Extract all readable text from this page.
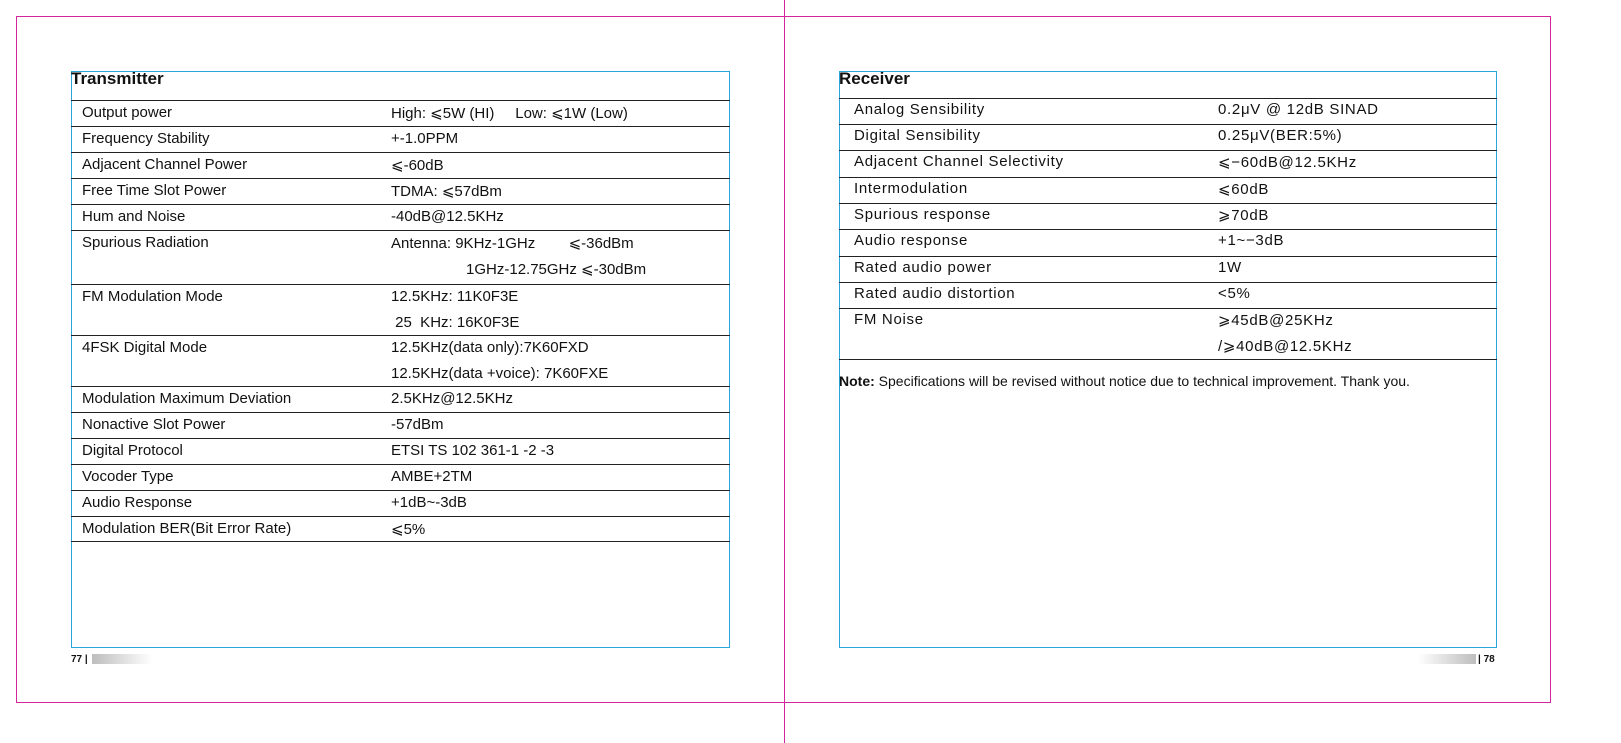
Transmitter
Output power	High: ⩽5W (HI)     Low: ⩽1W (Low)
Frequency Stability	+-1.0PPM
Adjacent Channel Power	⩽-60dB
Free Time Slot Power	TDMA: ⩽57dBm
Hum and Noise	-40dB@12.5KHz
Spurious Radiation	Antenna: 9KHz-1GHz        ⩽-36dBm
1GHz-12.75GHz ⩽-30dBm
FM Modulation Mode	12.5KHz: 11K0F3E
25  KHz: 16K0F3E
4FSK Digital Mode	12.5KHz(data only):7K60FXD
12.5KHz(data +voice): 7K60FXE
Modulation Maximum Deviation	2.5KHz@12.5KHz
Nonactive Slot Power	-57dBm
Digital Protocol	ETSI TS 102 361-1 -2 -3
Vocoder Type	AMBE+2TM
Audio Response	+1dB~-3dB
Modulation BER(Bit Error Rate)	⩽5%
77 |
Receiver
Analog Sensibility	0.2μV @ 12dB SINAD
Digital Sensibility	0.25μV(BER:5%)
Adjacent Channel Selectivity	⩽−60dB@12.5KHz
Intermodulation	⩽60dB
Spurious response	⩾70dB
Audio response	+1~−3dB
Rated audio power	1W
Rated audio distortion	<5%
FM Noise	⩾45dB@25KHz
/⩾40dB@12.5KHz
Note: Specifications will be revised without notice due to technical improvement. Thank you.
| 78
